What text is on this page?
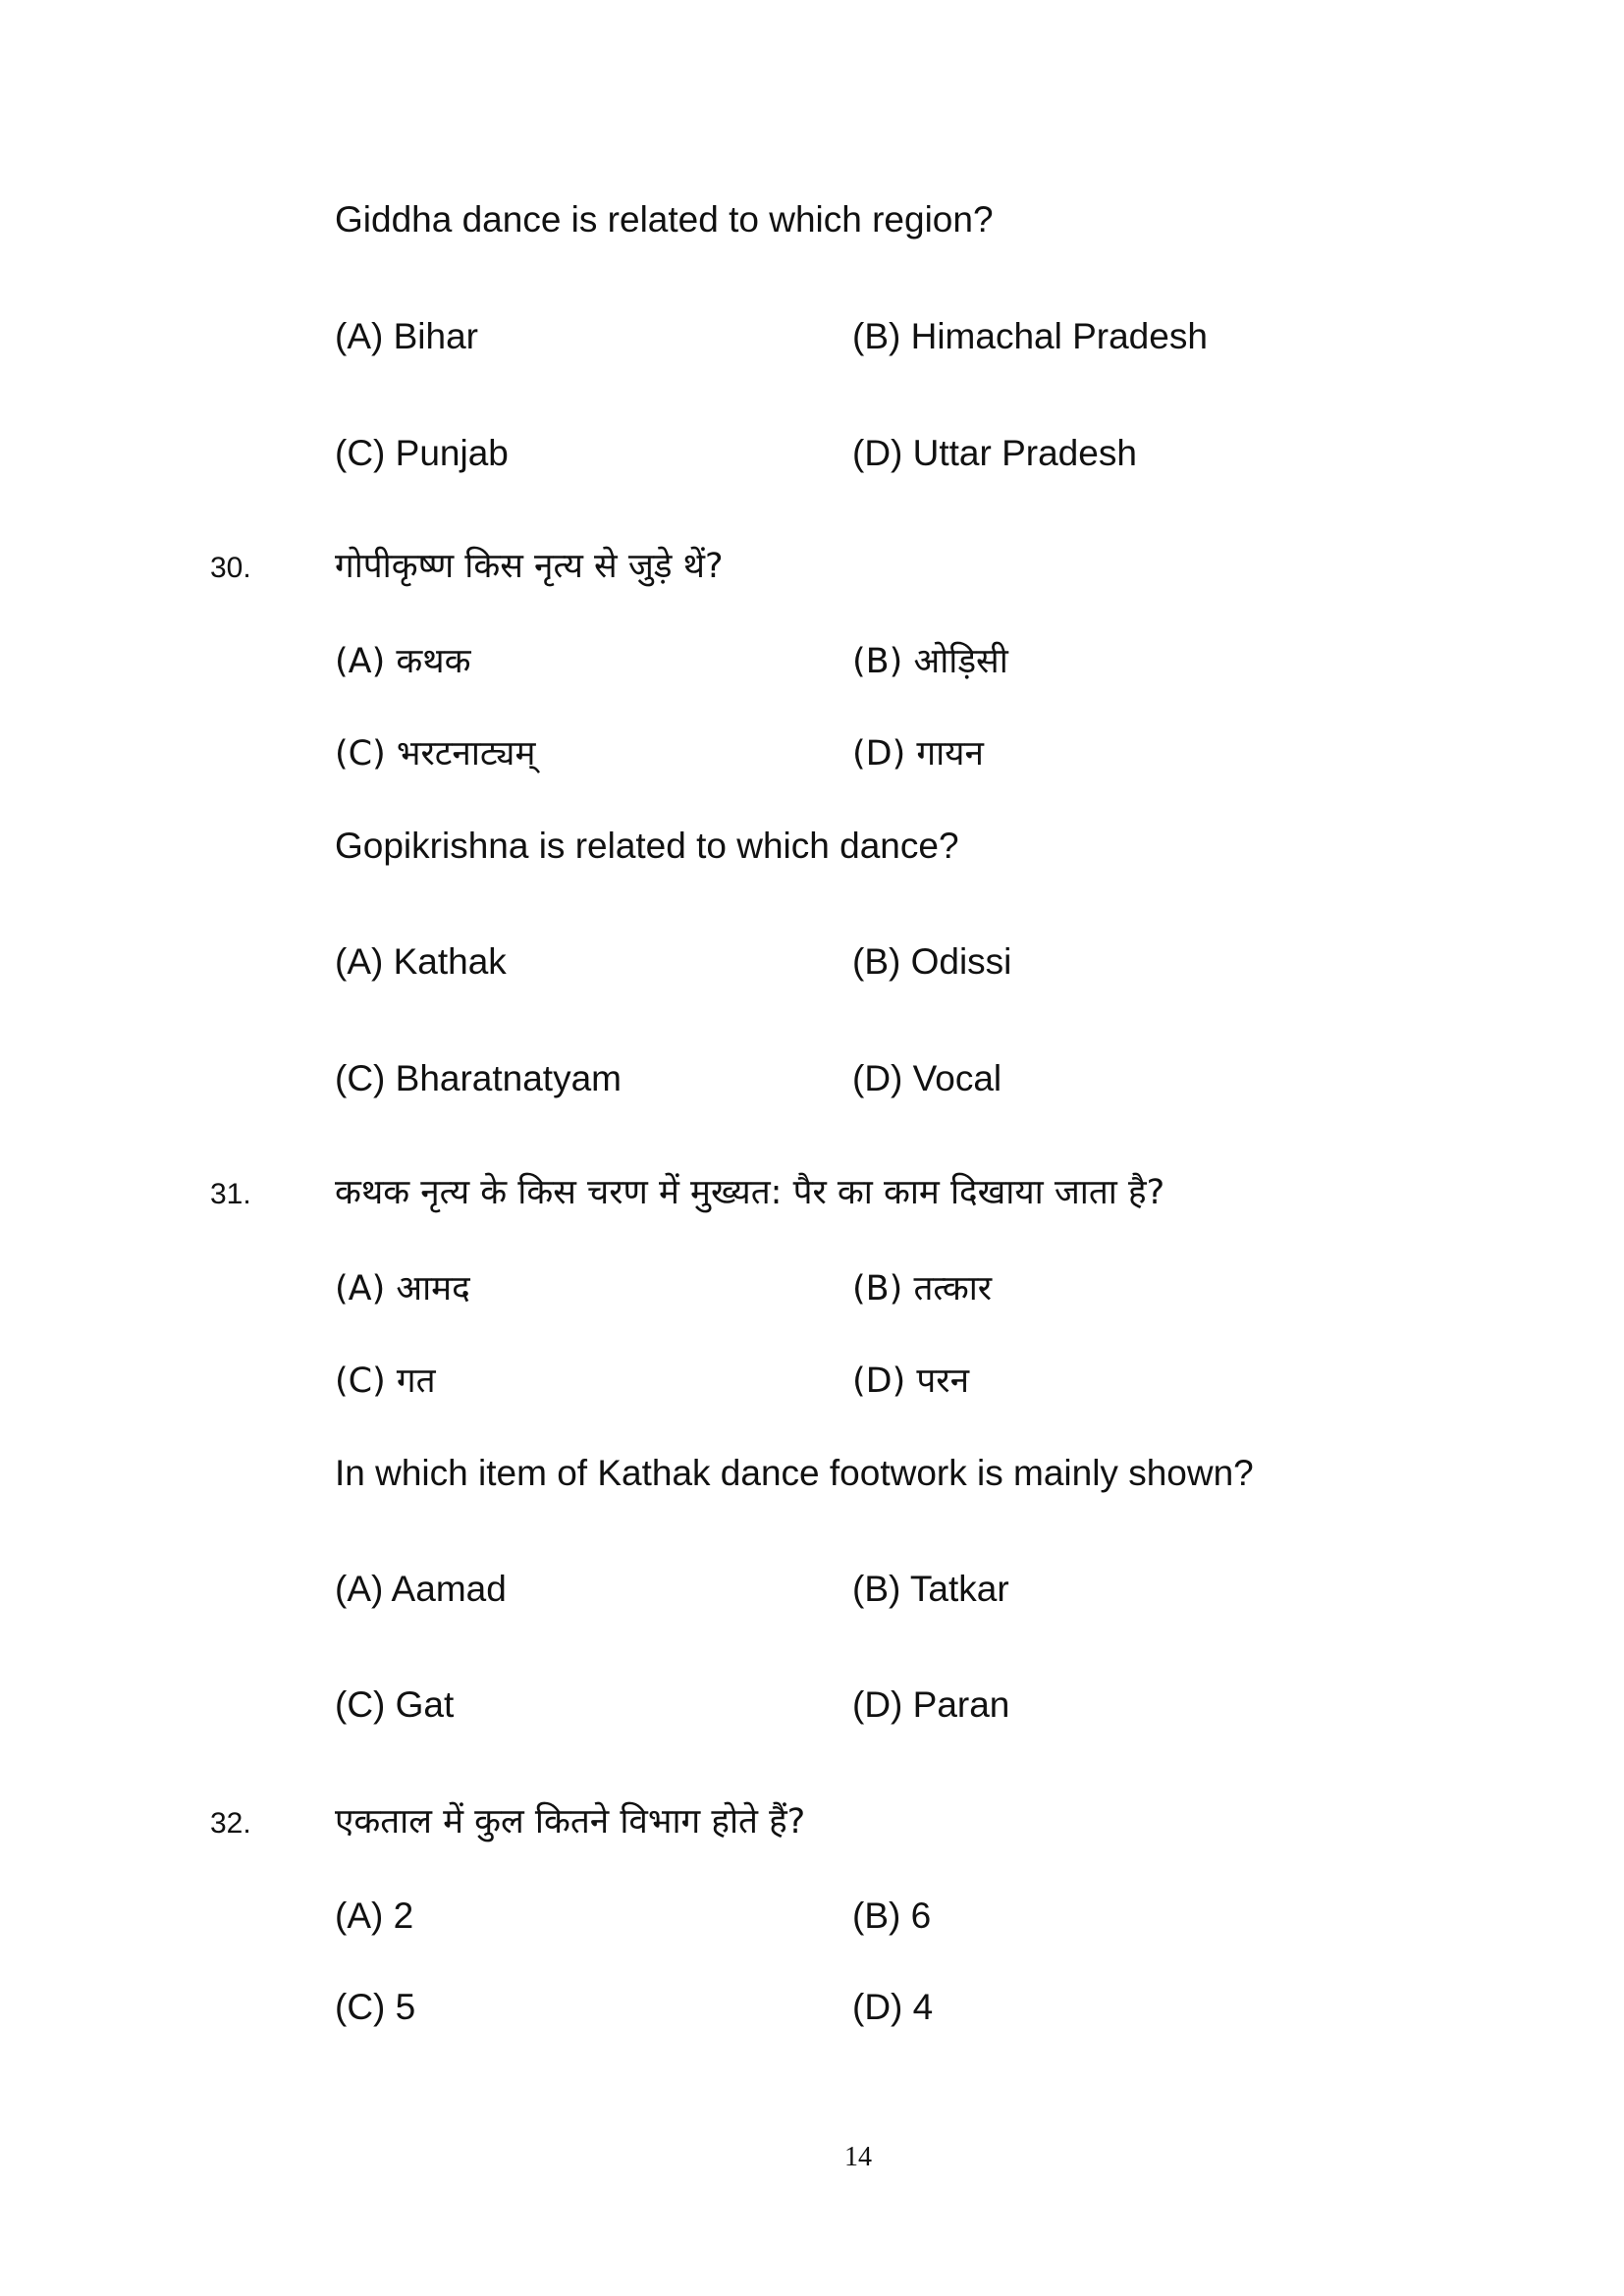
Giddha dance is related to which region?
(A) Bihar	(B) Himachal Pradesh
(C) Punjab	(D) Uttar Pradesh
30. गोपीकृष्ण किस नृत्य से जुड़े थें?
(A) कथक	(B) ओड़िसी
(C) भरटनाट्यम्	(D) गायन
Gopikrishna is related to which dance?
(A) Kathak	(B) Odissi
(C) Bharatnatyam	(D) Vocal
31. कथक नृत्य के किस चरण में मुख्यत: पैर का काम दिखाया जाता है?
(A) आमद	(B) तत्कार
(C) गत	(D) परन
In which item of Kathak dance footwork is mainly shown?
(A) Aamad	(B) Tatkar
(C) Gat	(D) Paran
32. एकताल में कुल कितने विभाग होते हैं?
(A) 2	(B) 6
(C) 5	(D) 4
14
